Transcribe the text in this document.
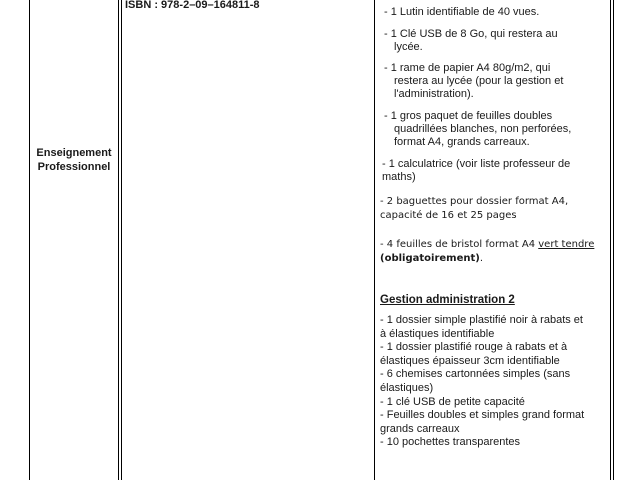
Enseignement
Professionnel
ISBN : 978-2–09–164811-8
- 1 Lutin identifiable de 40 vues.
- 1 Clé USB de 8 Go, qui restera au
lycée.
- 1 rame de papier A4 80g/m2, qui
restera au lycée (pour la gestion et
l'administration).
- 1 gros paquet de feuilles doubles
quadrillées blanches, non perforées,
format A4, grands carreaux.
- 1 calculatrice (voir liste professeur de
maths)
- 2 baguettes pour dossier format A4,
capacité de 16 et 25 pages
- 4 feuilles de bristol format A4 vert tendre
(obligatoirement).
Gestion administration 2
- 1 dossier simple plastifié noir à rabats et
à élastiques identifiable
- 1 dossier plastifié rouge à rabats et à
élastiques épaisseur 3cm identifiable
- 6 chemises cartonnées simples (sans
élastiques)
- 1 clé USB de petite capacité
- Feuilles doubles et simples grand format
grands carreaux
- 10 pochettes transparentes
